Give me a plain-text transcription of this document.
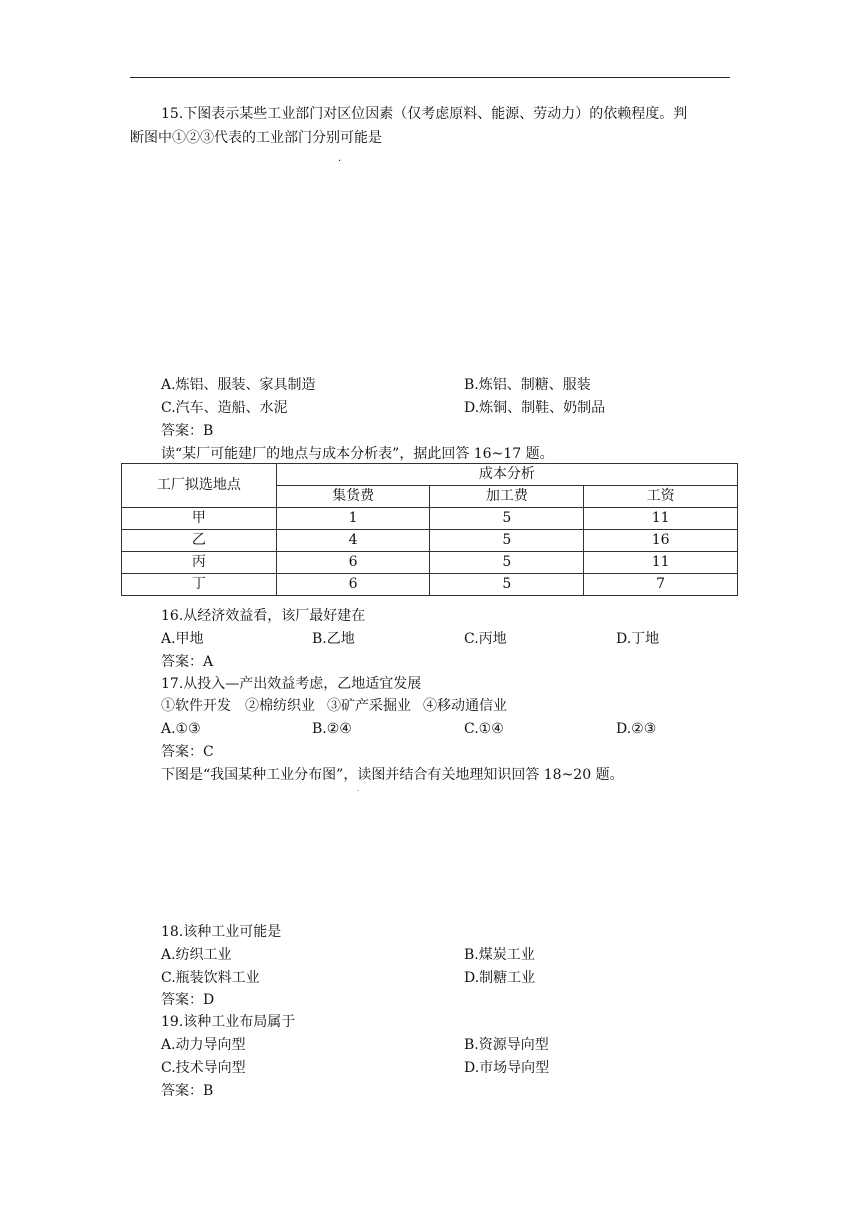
15.下图表示某些工业部门对区位因素（仅考虑原料、能源、劳动力）的依赖程度。判
断图中①②③代表的工业部门分别可能是
.
A.炼铝、服装、家具制造	B.炼铝、制糖、服装
C.汽车、造船、水泥	D.炼铜、制鞋、奶制品
答案：B
读“某厂可能建厂的地点与成本分析表”，据此回答 16~17 题。
工厂拟选地点	成本分析		
	集货费	加工费	工资
甲	1	5	11
乙	4	5	16
丙	6	5	11
丁	6	5	7
16.从经济效益看，该厂最好建在
A.甲地	B.乙地	C.丙地	D.丁地
答案：A
17.从投入—产出效益考虑，乙地适宜发展
①软件开发 ②棉纺织业 ③矿产采掘业 ④移动通信业
A.①③	B.②④	C.①④	D.②③
答案：C
下图是“我国某种工业分布图”，读图并结合有关地理知识回答 18~20 题。
.
18.该种工业可能是
A.纺织工业	B.煤炭工业
C.瓶装饮料工业	D.制糖工业
答案：D
19.该种工业布局属于
A.动力导向型	B.资源导向型
C.技术导向型	D.市场导向型
答案：B
